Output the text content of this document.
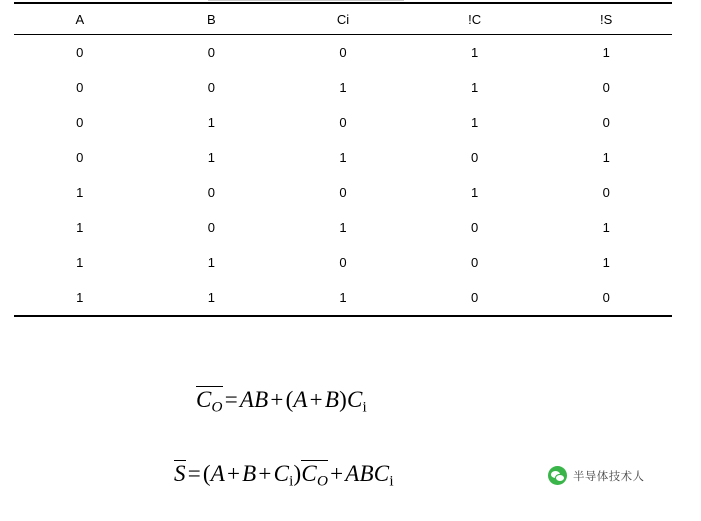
A	B	Ci	!C	!S
0	0	0	1	1
0	0	1	1	0
0	1	0	1	0
0	1	1	0	1
1	0	0	1	0
1	0	1	0	1
1	1	0	0	1
1	1	1	0	0
$CO=AB+(A+B)C_i$
$S=(A+B+C_i)CO+ABC_i$	半导体技术人
